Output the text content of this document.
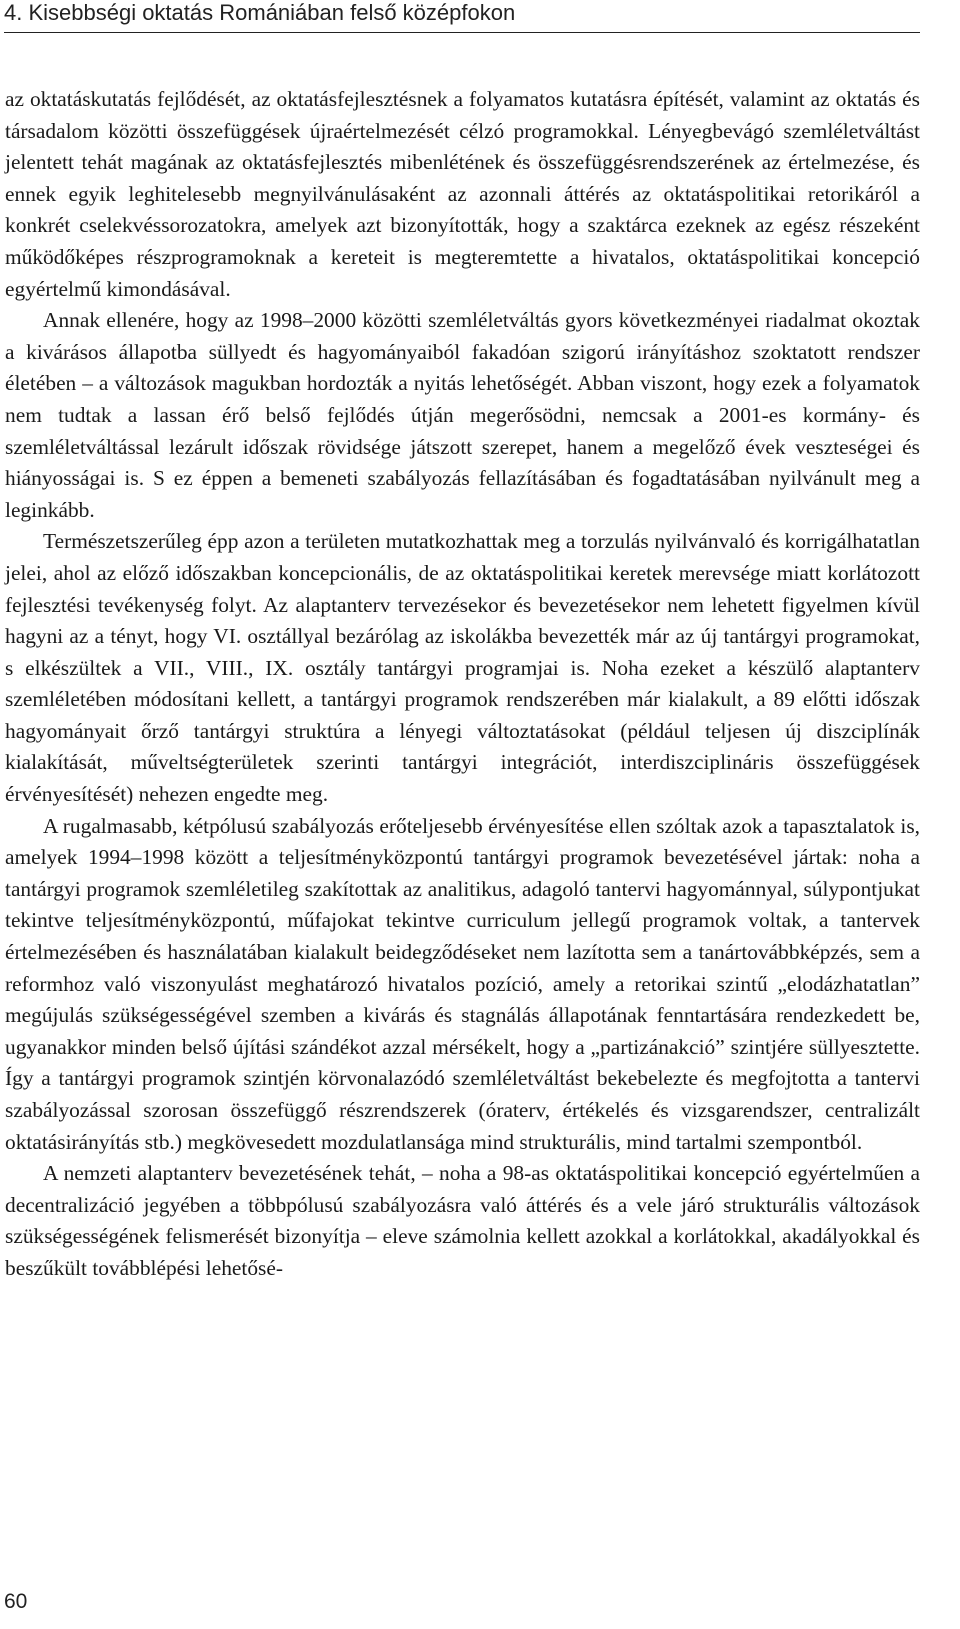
4. Kisebbségi oktatás Romániában felső középfokon

az oktatáskutatás fejlődését, az oktatásfejlesztésnek a folyamatos kutatásra építését, valamint az oktatás és társadalom közötti összefüggések újraértelmezését célzó programokkal. Lényegbevágó szemléletváltást jelentett tehát magának az oktatásfejlesztés mibenlétének és összefüggésrendszerének az értelmezése, és ennek egyik leghitelesebb megnyilvánulásaként az azonnali áttérés az oktatáspolitikai retorikáról a konkrét cselekvéssorozatokra, amelyek azt bizonyították, hogy a szaktárca ezeknek az egész részeként működőképes részprogramoknak a kereteit is megteremtette a hivatalos, oktatáspolitikai koncepció egyértelmű kimondásával.

Annak ellenére, hogy az 1998–2000 közötti szemléletváltás gyors következményei riadalmat okoztak a kivárásos állapotba süllyedt és hagyományaiból fakadóan szigorú irányításhoz szoktatott rendszer életében – a változások magukban hordozták a nyitás lehetőségét. Abban viszont, hogy ezek a folyamatok nem tudtak a lassan érő belső fejlődés útján megerősödni, nemcsak a 2001-es kormány- és szemléletváltással lezárult időszak rövidsége játszott szerepet, hanem a megelőző évek veszteségei és hiányosságai is. S ez éppen a bemeneti szabályozás fellazításában és fogadtatásában nyilvánult meg a leginkább.

Természetszerűleg épp azon a területen mutatkozhattak meg a torzulás nyilvánvaló és korrigálhatatlan jelei, ahol az előző időszakban koncepcionális, de az oktatáspolitikai keretek merevsége miatt korlátozott fejlesztési tevékenység folyt. Az alaptanterv tervezésekor és bevezetésekor nem lehetett figyelmen kívül hagyni az a tényt, hogy VI. osztállyal bezárólag az iskolákba bevezették már az új tantárgyi programokat, s elkészültek a VII., VIII., IX. osztály tantárgyi programjai is. Noha ezeket a készülő alaptanterv szemléletében módosítani kellett, a tantárgyi programok rendszerében már kialakult, a 89 előtti időszak hagyományait őrző tantárgyi struktúra a lényegi változtatásokat (például teljesen új diszciplínák kialakítását, műveltségterületek szerinti tantárgyi integrációt, interdiszciplináris összefüggések érvényesítését) nehezen engedte meg.

A rugalmasabb, kétpólusú szabályozás erőteljesebb érvényesítése ellen szóltak azok a tapasztalatok is, amelyek 1994–1998 között a teljesítményközpontú tantárgyi programok bevezetésével jártak: noha a tantárgyi programok szemléletileg szakítottak az analitikus, adagoló tantervi hagyománnyal, súlypontjukat tekintve teljesítményközpontú, műfajokat tekintve curriculum jellegű programok voltak, a tantervek értelmezésében és használatában kialakult beidegződéseket nem lazította sem a tanártovábbképzés, sem a reformhoz való viszonyulást meghatározó hivatalos pozíció, amely a retorikai szintű „elodázhatatlan” megújulás szükségességével szemben a kivárás és stagnálás állapotának fenntartására rendezkedett be, ugyanakkor minden belső újítási szándékot azzal mérsékelt, hogy a „partizánakció” szintjére süllyesztette. Így a tantárgyi programok szintjén körvonalazódó szemléletváltást bekebelezte és megfojtotta a tantervi szabályozással szorosan összefüggő részrendszerek (óraterv, értékelés és vizsgarendszer, centralizált oktatásirányítás stb.) megkövesedett mozdulatlansága mind strukturális, mind tartalmi szempontból.

A nemzeti alaptanterv bevezetésének tehát, – noha a 98-as oktatáspolitikai koncepció egyértelműen a decentralizáció jegyében a többpólusú szabályozásra való áttérés és a vele járó strukturális változások szükségességének felismerését bizonyítja – eleve számolnia kellett azokkal a korlátokkal, akadályokkal és beszűkült továbblépési lehetősé-

60
